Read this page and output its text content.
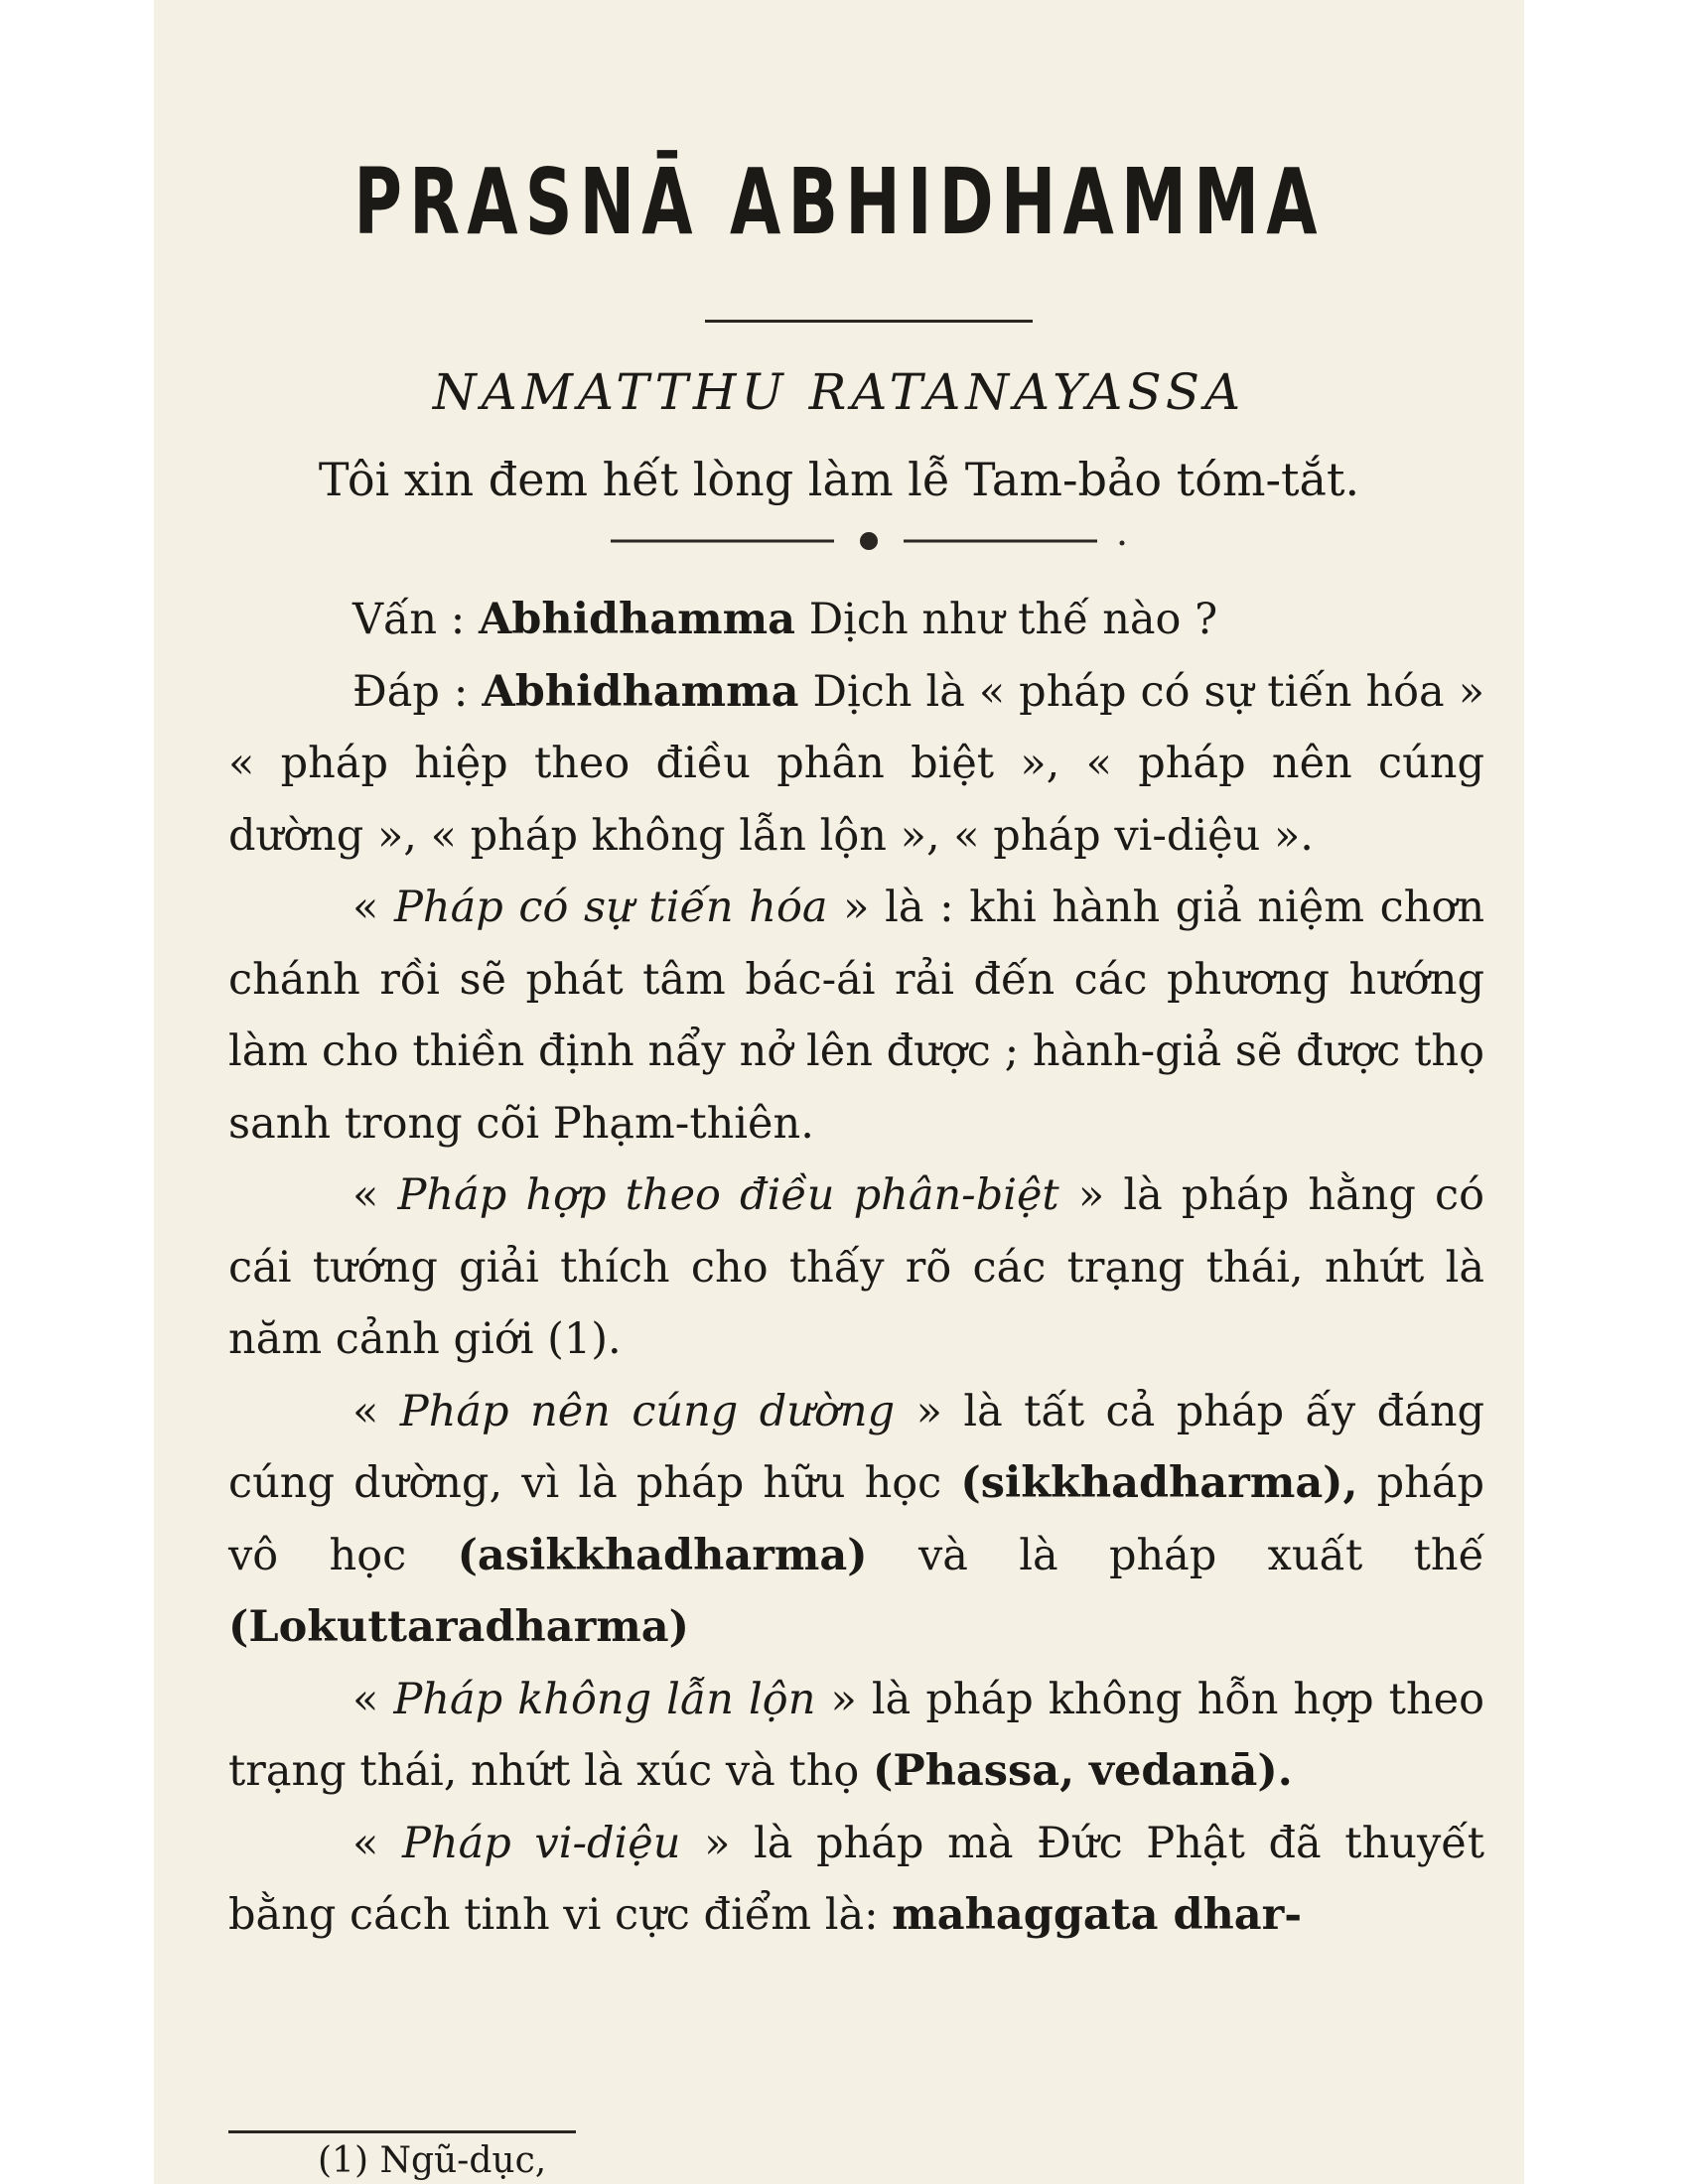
PRASNĀ ABHIDHAMMA
NAMATTHU RATANAYASSA
Tôi xin đem hết lòng làm lễ Tam-bảo tóm-tắt.

Vấn : Abhidhamma Dịch như thế nào ?

Đáp : Abhidhamma Dịch là « pháp có sự tiến hóa » « pháp hiệp theo điều phân biệt », « pháp nên cúng dường », « pháp không lẫn lộn », « pháp vi-diệu ».

« Pháp có sự tiến hóa » là : khi hành giả niệm chơn chánh rồi sẽ phát tâm bác-ái rải đến các phương hướng làm cho thiền định nẩy nở lên được ; hành-giả sẽ được thọ sanh trong cõi Phạm-thiên.

« Pháp hợp theo điều phân-biệt » là pháp hằng có cái tướng giải thích cho thấy rõ các trạng thái, nhứt là năm cảnh giới (1).

« Pháp nên cúng dường » là tất cả pháp ấy đáng cúng dường, vì là pháp hữu học (sikkhadharma), pháp vô học (asikkhadharma) và là pháp xuất thế (Lokuttaradharma)

« Pháp không lẫn lộn » là pháp không hỗn hợp theo trạng thái, nhứt là xúc và thọ (Phassa, vedanā).

« Pháp vi-diệu » là pháp mà Đức Phật đã thuyết bằng cách tinh vi cực điểm là: mahaggata dhar-

(1) Ngũ-dục,
